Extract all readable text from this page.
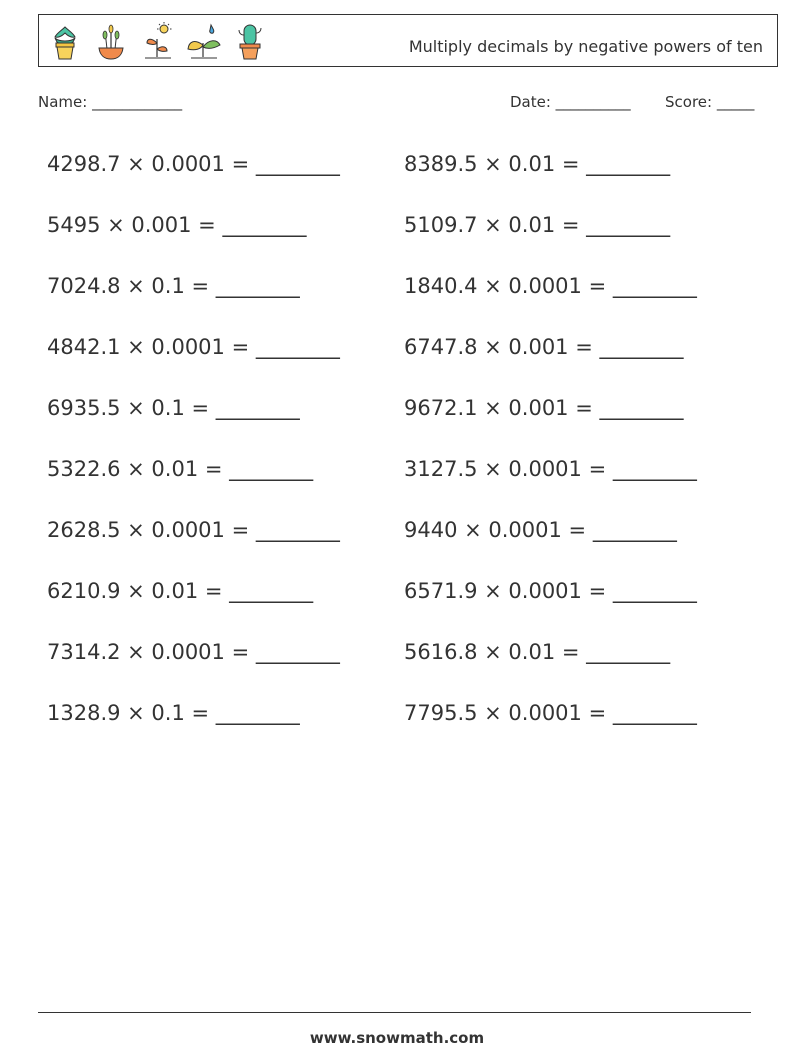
Multiply decimals by negative powers of ten
Name: ____________	Date: __________ Score: _____
4298.7 × 0.0001 = ________	8389.5 × 0.01 = ________
5495 × 0.001 = ________	5109.7 × 0.01 = ________
7024.8 × 0.1 = ________	1840.4 × 0.0001 = ________
4842.1 × 0.0001 = ________	6747.8 × 0.001 = ________
6935.5 × 0.1 = ________	9672.1 × 0.001 = ________
5322.6 × 0.01 = ________	3127.5 × 0.0001 = ________
2628.5 × 0.0001 = ________	9440 × 0.0001 = ________
6210.9 × 0.01 = ________	6571.9 × 0.0001 = ________
7314.2 × 0.0001 = ________	5616.8 × 0.01 = ________
1328.9 × 0.1 = ________	7795.5 × 0.0001 = ________
www.snowmath.com
